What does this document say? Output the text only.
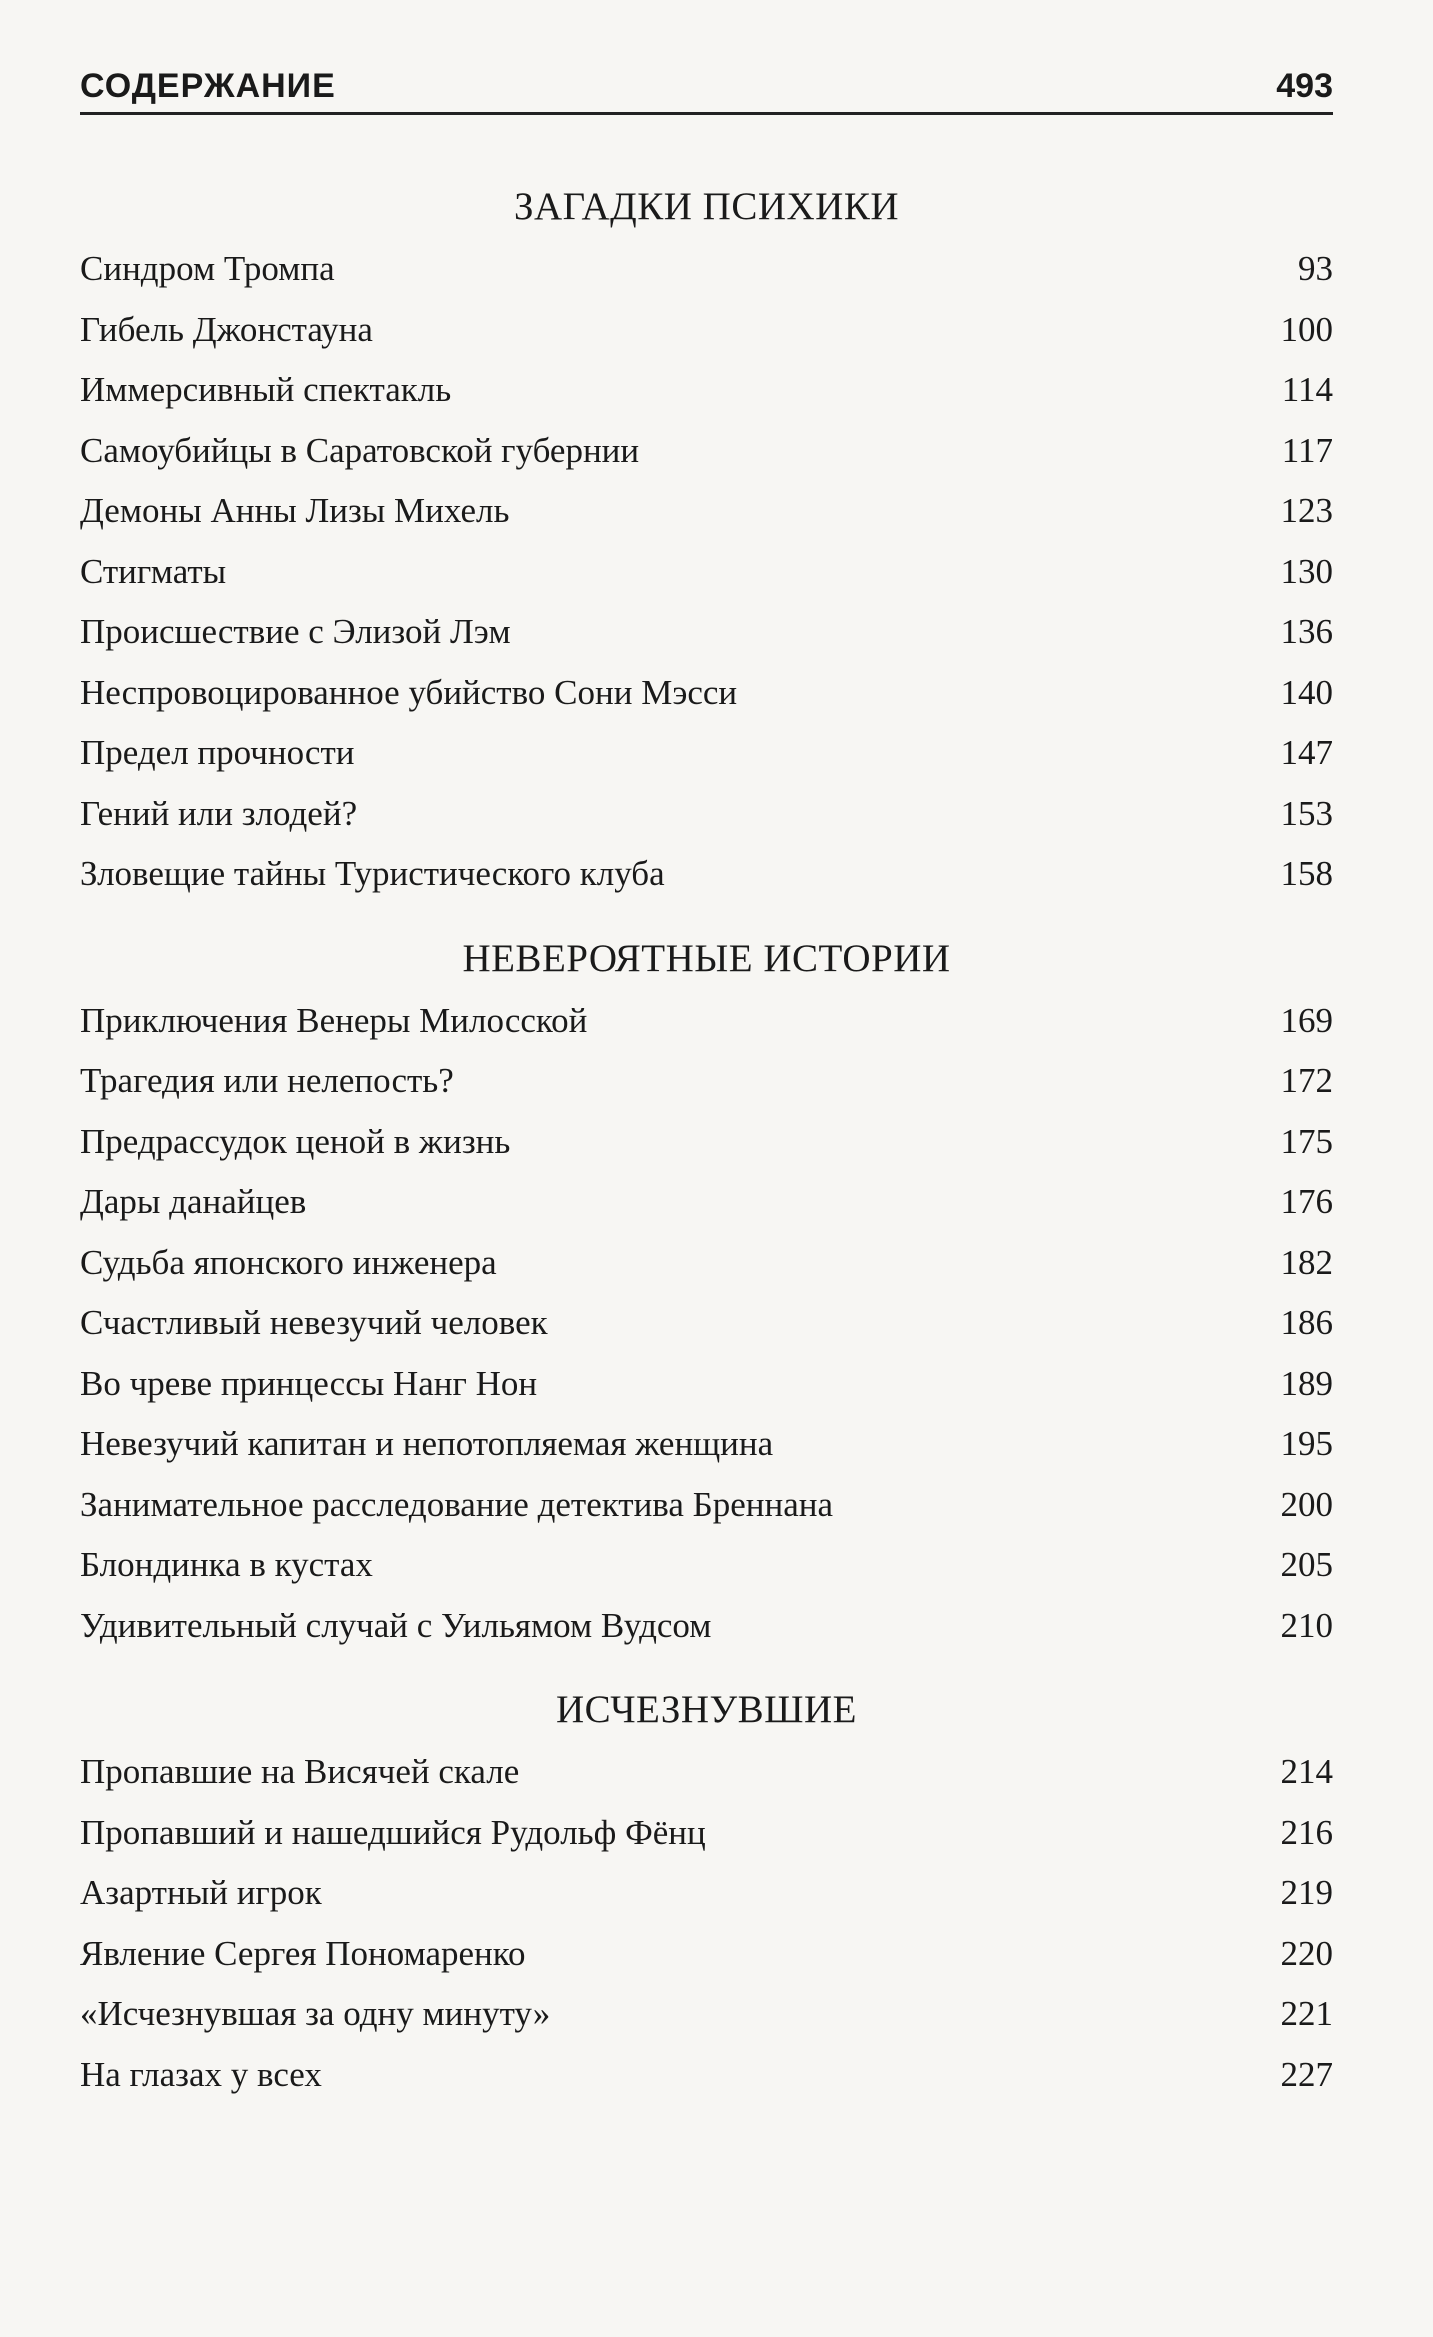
СОДЕРЖАНИЕ	493
ЗАГАДКИ ПСИХИКИ
Синдром Тромпа .....	93
Гибель Джонстауна .....	100
Иммерсивный спектакль .....	114
Самоубийцы в Саратовской губернии .....	117
Демоны Анны Лизы Михель .....	123
Стигматы .....	130
Происшествие с Элизой Лэм .....	136
Неспровоцированное убийство Сони Мэсси .....	140
Предел прочности .....	147
Гений или злодей? .....	153
Зловещие тайны Туристического клуба .....	158
НЕВЕРОЯТНЫЕ ИСТОРИИ
Приключения Венеры Милосской .....	169
Трагедия или нелепость? .....	172
Предрассудок ценой в жизнь .....	175
Дары данайцев .....	176
Судьба японского инженера .....	182
Счастливый невезучий человек .....	186
Во чреве принцессы Нанг Нон .....	189
Невезучий капитан и непотопляемая женщина .....	195
Занимательное расследование детектива Бреннана .....	200
Блондинка в кустах .....	205
Удивительный случай с Уильямом Вудсом .....	210
ИСЧЕЗНУВШИЕ
Пропавшие на Висячей скале .....	214
Пропавший и нашедшийся Рудольф Фёнц .....	216
Азартный игрок .....	219
Явление Сергея Пономаренко .....	220
«Исчезнувшая за одну минуту» .....	221
На глазах у всех .....	227
